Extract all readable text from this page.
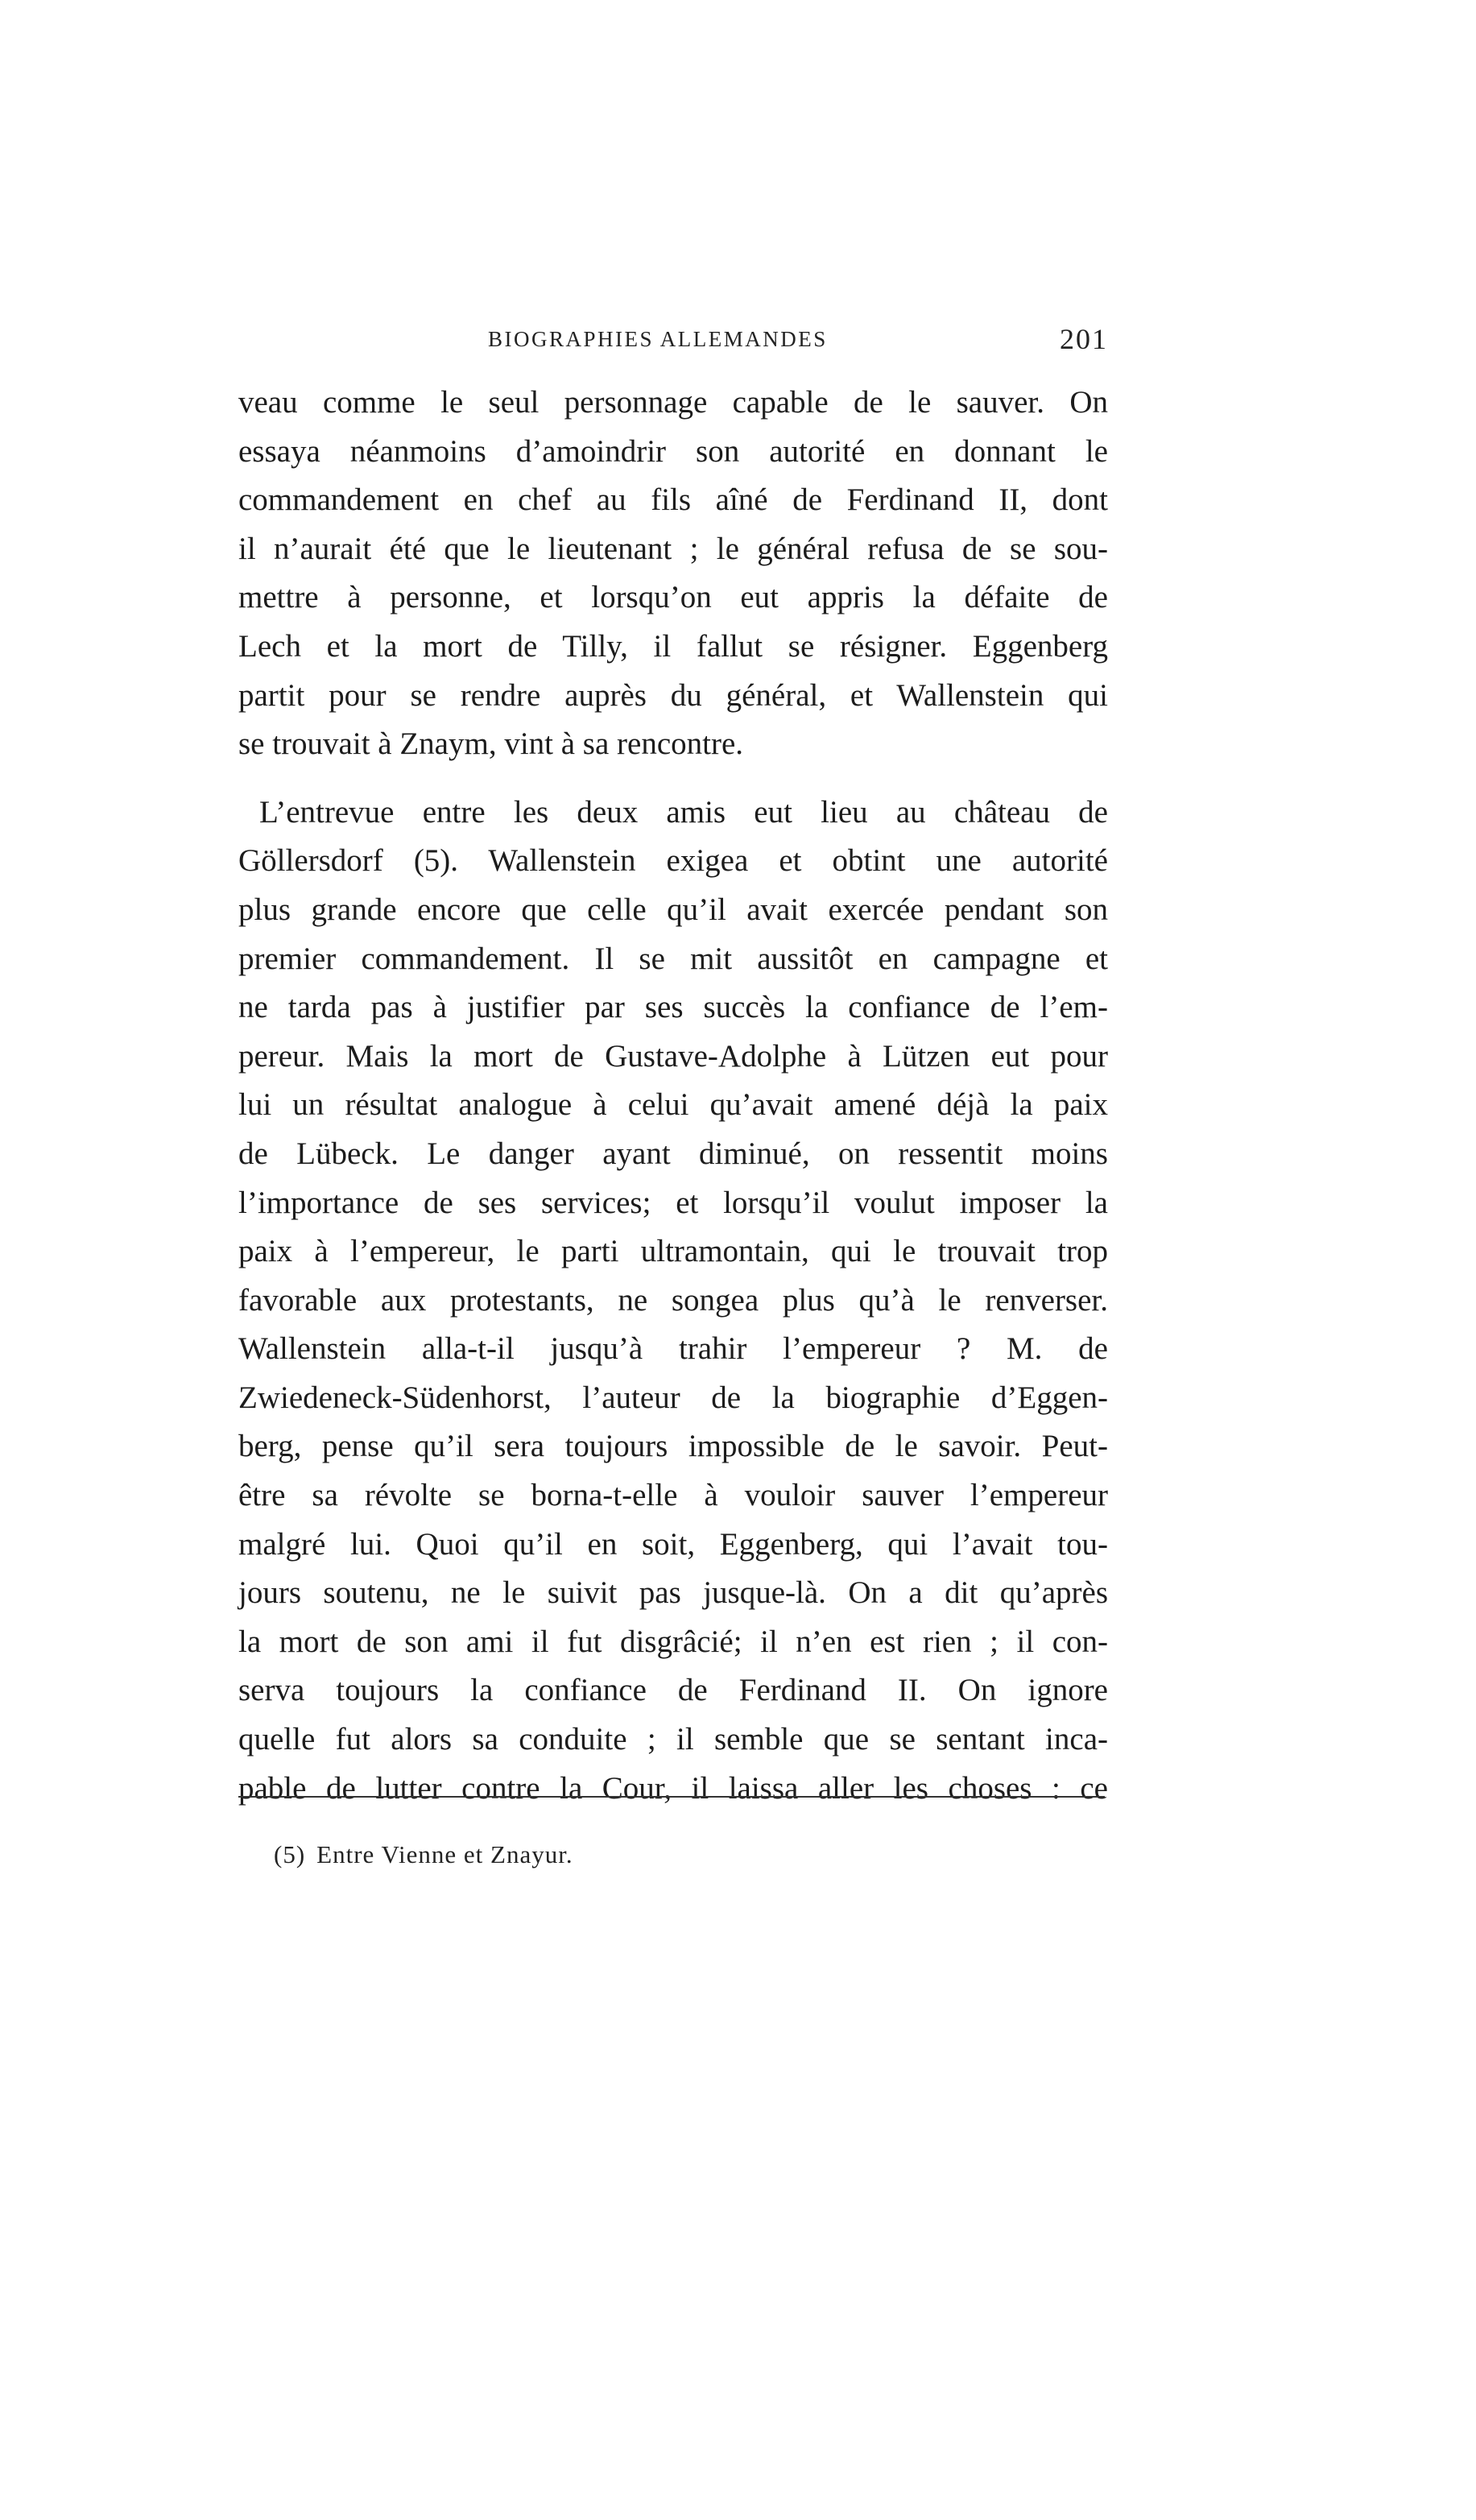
BIOGRAPHIES ALLEMANDES	201
veau comme le seul personnage capable de le sauver. On
essaya néanmoins d’amoindrir son autorité en donnant le
commandement en chef au fils aîné de Ferdinand II, dont
il n’aurait été que le lieutenant ; le général refusa de se sou-
mettre à personne, et lorsqu’on eut appris la défaite de
Lech et la mort de Tilly, il fallut se résigner. Eggenberg
partit pour se rendre auprès du général, et Wallenstein qui
se trouvait à Znaym, vint à sa rencontre.
L’entrevue entre les deux amis eut lieu au château de
Göllersdorf (5). Wallenstein exigea et obtint une autorité
plus grande encore que celle qu’il avait exercée pendant son
premier commandement. Il se mit aussitôt en campagne et
ne tarda pas à justifier par ses succès la confiance de l’em-
pereur. Mais la mort de Gustave-Adolphe à Lützen eut pour
lui un résultat analogue à celui qu’avait amené déjà la paix
de Lübeck. Le danger ayant diminué, on ressentit moins
l’importance de ses services; et lorsqu’il voulut imposer la
paix à l’empereur, le parti ultramontain, qui le trouvait trop
favorable aux protestants, ne songea plus qu’à le renverser.
Wallenstein alla-t-il jusqu’à trahir l’empereur ? M. de
Zwiedeneck-Südenhorst, l’auteur de la biographie d’Eggen-
berg, pense qu’il sera toujours impossible de le savoir. Peut-
être sa révolte se borna-t-elle à vouloir sauver l’empereur
malgré lui. Quoi qu’il en soit, Eggenberg, qui l’avait tou-
jours soutenu, ne le suivit pas jusque-là. On a dit qu’après
la mort de son ami il fut disgrâcié; il n’en est rien ; il con-
serva toujours la confiance de Ferdinand II. On ignore
quelle fut alors sa conduite ; il semble que se sentant inca-
pable de lutter contre la Cour, il laissa aller les choses : ce
(5) Entre Vienne et Znayur.
